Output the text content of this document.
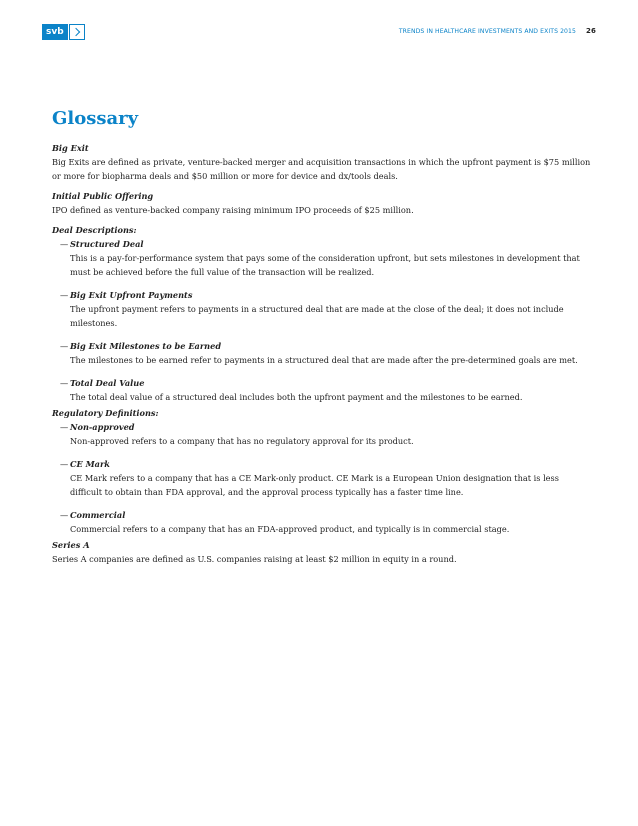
svb	TRENDS IN HEALTHCARE INVESTMENTS AND EXITS 2015 26
Glossary

Big Exit

Big Exits are defined as private, venture-backed merger and acquisition transactions in which the upfront payment is $75 million or more for biopharma deals and $50 million or more for device and dx/tools deals.

Initial Public Offering

IPO defined as venture-backed company raising minimum IPO proceeds of $25 million.

Deal Descriptions:

— Structured Deal
This is a pay-for-performance system that pays some of the consideration upfront, but sets milestones in development that must be achieved before the full value of the transaction will be realized.
— Big Exit Upfront Payments
The upfront payment refers to payments in a structured deal that are made at the close of the deal; it does not include milestones.
— Big Exit Milestones to be Earned
The milestones to be earned refer to payments in a structured deal that are made after the pre-determined goals are met.
— Total Deal Value
The total deal value of a structured deal includes both the upfront payment and the milestones to be earned.

Regulatory Definitions:

— Non-approved
Non-approved refers to a company that has no regulatory approval for its product.
— CE Mark
CE Mark refers to a company that has a CE Mark-only product. CE Mark is a European Union designation that is less difficult to obtain than FDA approval, and the approval process typically has a faster time line.
— Commercial
Commercial refers to a company that has an FDA-approved product, and typically is in commercial stage.

Series A

Series A companies are defined as U.S. companies raising at least $2 million in equity in a round.
